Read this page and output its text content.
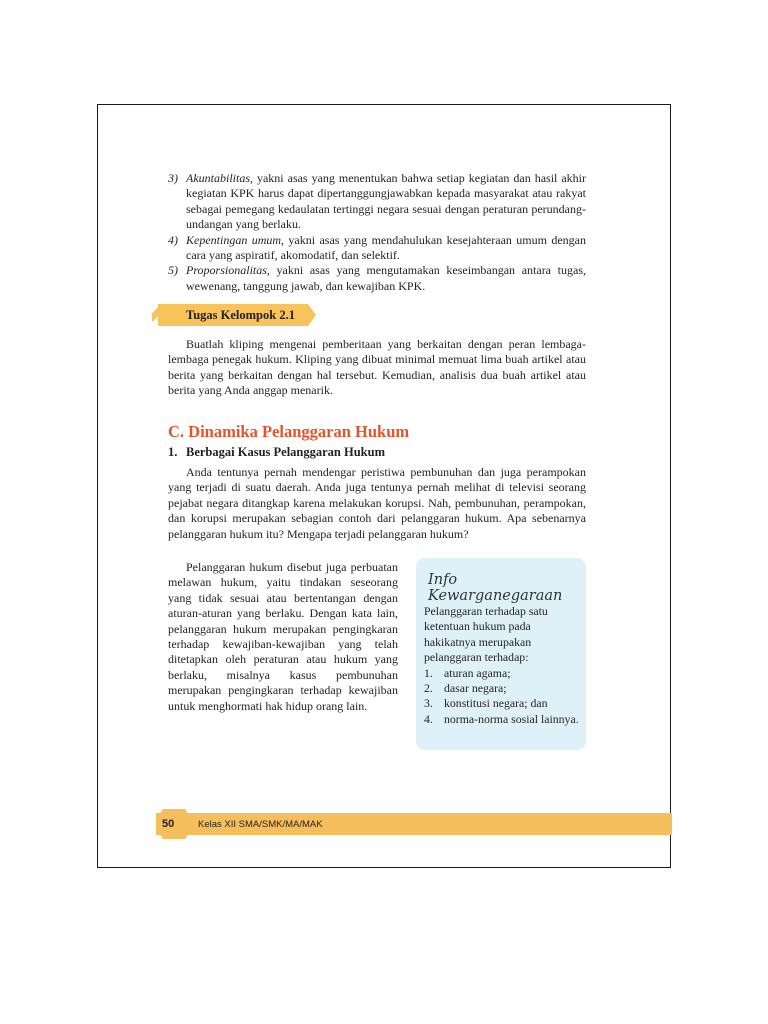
3) Akuntabilitas, yakni asas yang menentukan bahwa setiap kegiatan dan hasil akhir kegiatan KPK harus dapat dipertanggungjawabkan kepada masyarakat atau rakyat sebagai pemegang kedaulatan tertinggi negara sesuai dengan peraturan perundang-undangan yang berlaku.
4) Kepentingan umum, yakni asas yang mendahulukan kesejahteraan umum dengan cara yang aspiratif, akomodatif, dan selektif.
5) Proporsionalitas, yakni asas yang mengutamakan keseimbangan antara tugas, wewenang, tanggung jawab, dan kewajiban KPK.
Tugas Kelompok 2.1

Buatlah kliping mengenai pemberitaan yang berkaitan dengan peran lembaga-lembaga penegak hukum. Kliping yang dibuat minimal memuat lima buah artikel atau berita yang berkaitan dengan hal tersebut. Kemudian, analisis dua buah artikel atau berita yang Anda anggap menarik.

C. Dinamika Pelanggaran Hukum
1. Berbagai Kasus Pelanggaran Hukum

Anda tentunya pernah mendengar peristiwa pembunuhan dan juga perampokan yang terjadi di suatu daerah. Anda juga tentunya pernah melihat di televisi seorang pejabat negara ditangkap karena melakukan korupsi. Nah, pembunuhan, perampokan, dan korupsi merupakan sebagian contoh dari pelanggaran hukum. Apa sebenarnya pelanggaran hukum itu? Mengapa terjadi pelanggaran hukum?

Pelanggaran hukum disebut juga perbuatan melawan hukum, yaitu tindakan seseorang yang tidak sesuai atau bertentangan dengan aturan-aturan yang berlaku. Dengan kata lain, pelanggaran hukum merupakan pengingkaran terhadap kewajiban-kewajiban yang telah ditetapkan oleh peraturan atau hukum yang berlaku, misalnya kasus pembunuhan merupakan pengingkaran terhadap kewajiban untuk menghormati hak hidup orang lain.

Info Kewarganegaraan
Pelanggaran terhadap satu ketentuan hukum pada hakikatnya merupakan pelanggaran terhadap:
1. aturan agama;
2. dasar negara;
3. konstitusi negara; dan
4. norma-norma sosial lainnya.
50	Kelas XII SMA/SMK/MA/MAK
